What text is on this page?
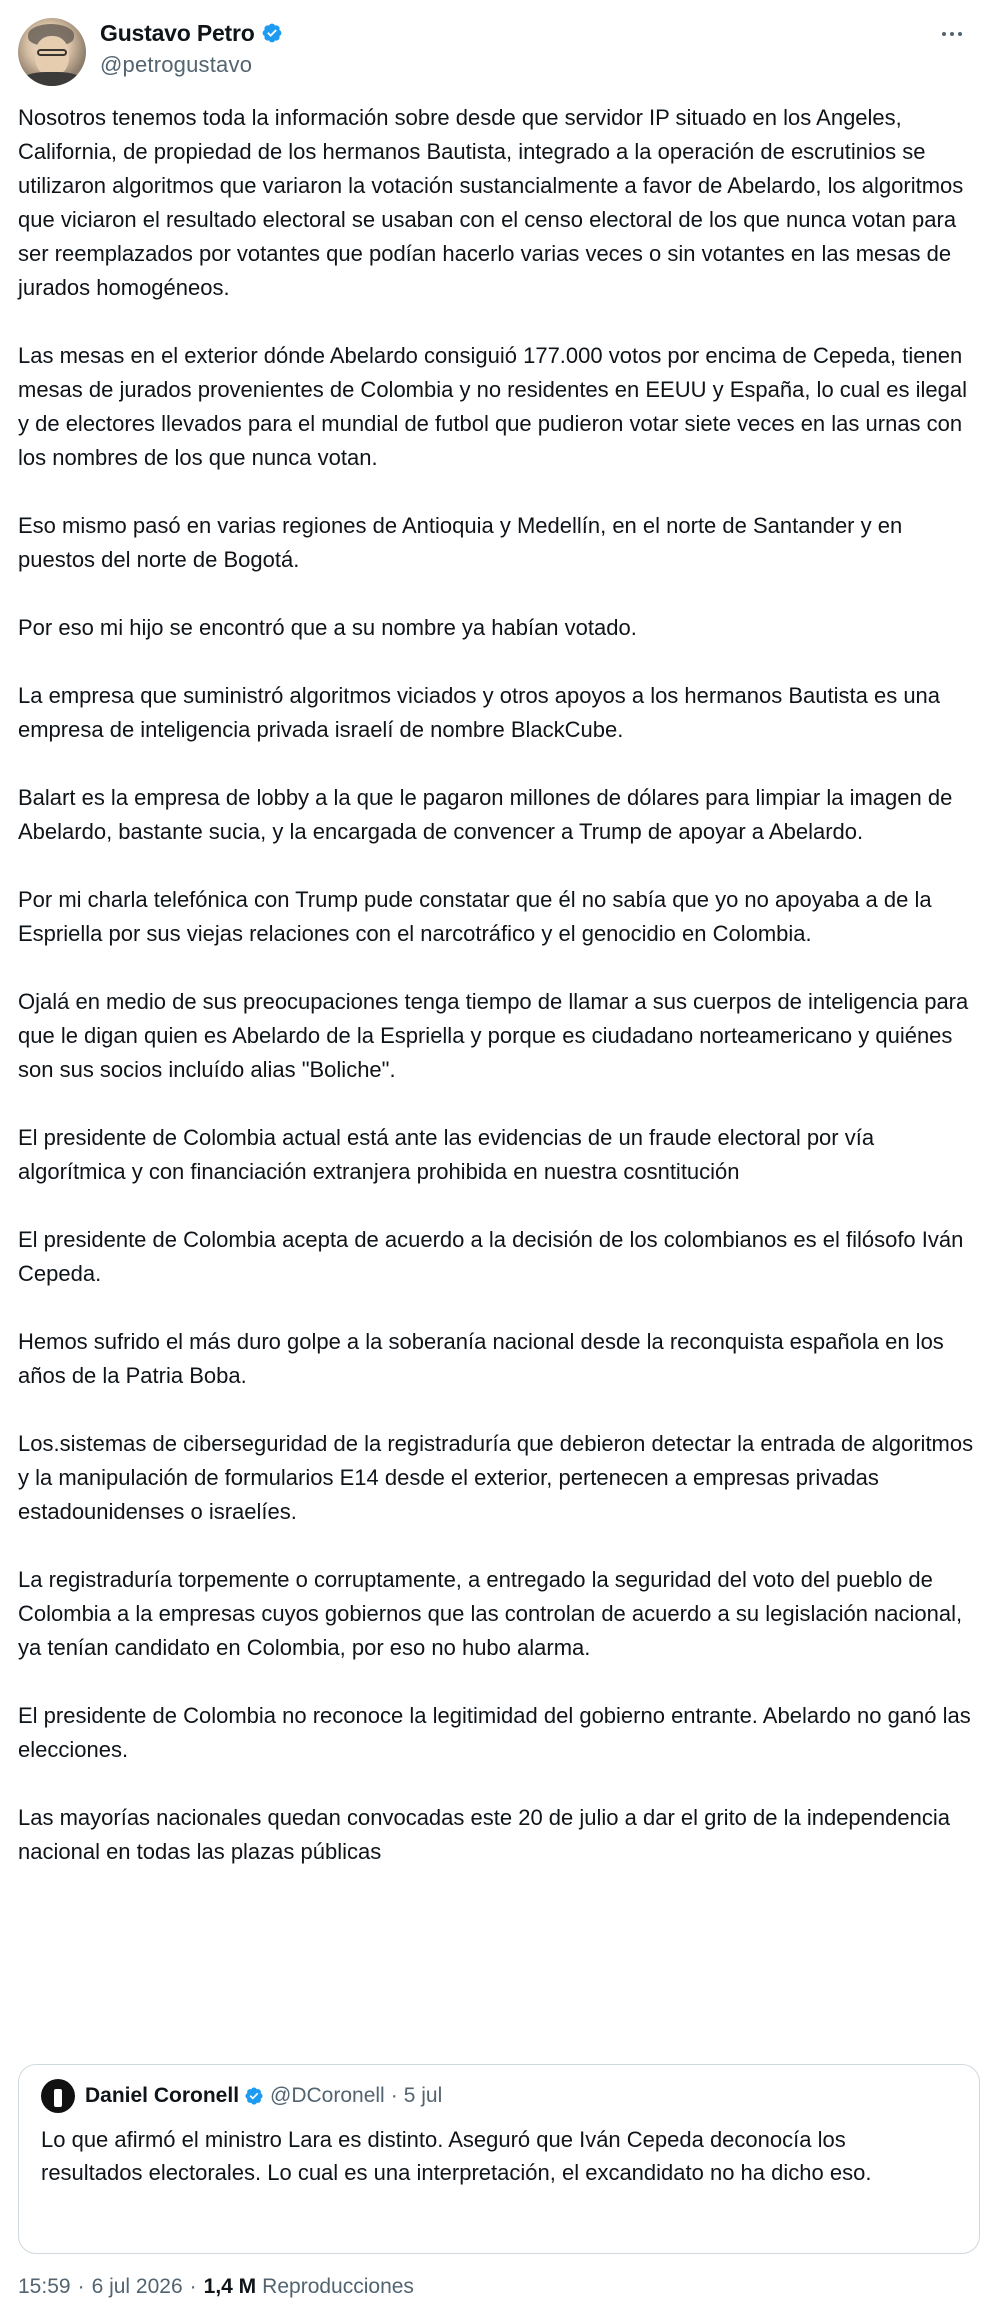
Gustavo Petro
@petrogustavo

Nosotros tenemos toda la información sobre desde que servidor IP situado en los Angeles, California, de propiedad de los hermanos Bautista, integrado a la operación de escrutinios se utilizaron algoritmos que variaron la votación sustancialmente a favor de Abelardo, los algoritmos que viciaron el resultado electoral se usaban con el censo electoral de los que nunca votan para ser reemplazados por votantes que podían hacerlo varias veces o sin votantes en las mesas de jurados homogéneos.

Las mesas en el exterior dónde Abelardo consiguió 177.000 votos por encima de Cepeda, tienen mesas de jurados provenientes de Colombia y no residentes en EEUU y España, lo cual es ilegal y de electores llevados para el mundial de futbol que pudieron votar siete veces en las urnas con los nombres de los que nunca votan.

Eso mismo pasó en varias regiones de Antioquia y Medellín, en el norte de Santander y en puestos del norte de Bogotá.

Por eso mi hijo se encontró que a su nombre ya habían votado.

La empresa que suministró algoritmos viciados y otros apoyos a los hermanos Bautista es una empresa de inteligencia privada israelí de nombre BlackCube.

Balart es la empresa de lobby a la que le pagaron millones de dólares para limpiar la imagen de Abelardo, bastante sucia, y la encargada de convencer a Trump de apoyar a Abelardo.

Por mi charla telefónica con Trump pude constatar que él no sabía que yo no apoyaba a de la Espriella por sus viejas relaciones con el narcotráfico y el genocidio en Colombia.

Ojalá en medio de sus preocupaciones tenga tiempo de llamar a sus cuerpos de inteligencia para que le digan quien es Abelardo de la Espriella y porque es ciudadano norteamericano y quiénes son sus socios incluído alias "Boliche".

El presidente de Colombia actual está ante las evidencias de un fraude electoral por vía algorítmica y con financiación extranjera prohibida en nuestra cosntitución

El presidente de Colombia acepta de acuerdo a la decisión de los colombianos es el filósofo Iván Cepeda.

Hemos sufrido el más duro golpe a la soberanía nacional desde la reconquista española en los años de la Patria Boba.

Los.sistemas de ciberseguridad de la registraduría que debieron detectar la entrada de algoritmos y la manipulación de formularios E14 desde el exterior, pertenecen a empresas privadas estadounidenses o israelíes.

La registraduría torpemente o corruptamente, a entregado la seguridad del voto del pueblo de Colombia a la empresas cuyos gobiernos que las controlan de acuerdo a su legislación nacional, ya tenían candidato en Colombia, por eso no hubo alarma.

El presidente de Colombia no reconoce la legitimidad del gobierno entrante. Abelardo no ganó las elecciones.

Las mayorías nacionales quedan convocadas este 20 de julio a dar el grito de la independencia nacional en todas las plazas públicas

Daniel Coronell @DCoronell · 5 jul
Lo que afirmó el ministro Lara es distinto. Aseguró que Iván Cepeda deconocía los resultados electorales. Lo cual es una interpretación, el excandidato no ha dicho eso.
15:59 · 6 jul 2026 · 1,4 M Reproducciones
